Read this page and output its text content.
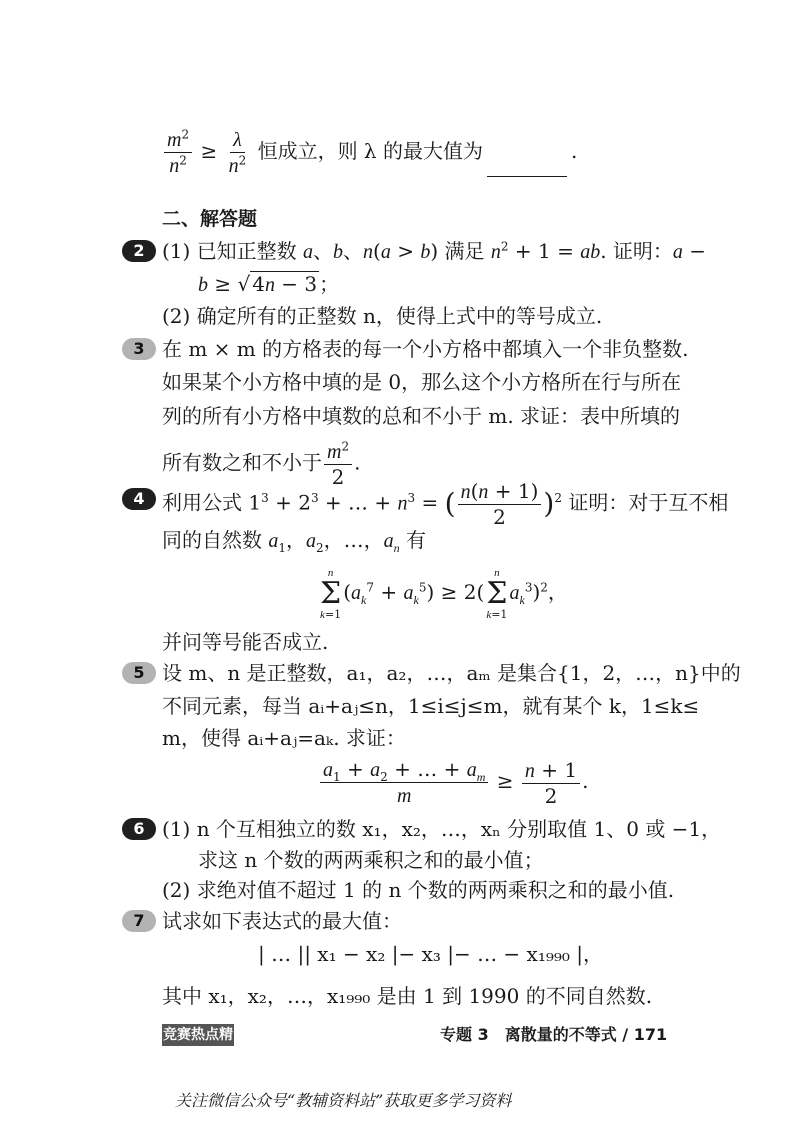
$\frac{m^2}{n^2} \ge \frac{\lambda}{n^2}$ 恒成立，则 λ 的最大值为	.
二、解答题
2 (1) 已知正整数 a、b、n(a > b) 满足 $n^2 + 1$ = ab. 证明：a −
b ≥ √ 4n − 3 ；
(2) 确定所有的正整数 n，使得上式中的等号成立.
3 在 m × m 的方格表的每一个小方格中都填入一个非负整数.
如果某个小方格中填的是 0，那么这个小方格所在行与所在
列的所有小方格中填数的总和不小于 m. 求证：表中所填的
所有数之和不小于 $\frac{m^2}{2}$ .
4 利用公式 $1^3 + 2^3$ + … + $n^3$ = ( $\frac{n(n + 1)}{2} )^2$ 证明：对于互不相
同的自然数 $a_1$，$a_2$，…，$a_n$ 有
n
Σ
k=1
$(a_k^7 + a_k^5) \ge 2$(
n
Σ
k=1
$a_k^3)^2$，
并问等号能否成立.
5 设 m、n 是正整数，a₁，a₂，…，aₘ 是集合{1，2，…，n}中的
不同元素，每当 aᵢ+aⱼ≤n，1≤i≤j≤m，就有某个 k，1≤k≤
m，使得 aᵢ+aⱼ=aₖ. 求证：
$\frac{a_1 + a_2 + \dots + a_m}{m} \ge \frac{n + 1}{2}$ .
6 (1) n 个互相独立的数 x₁，x₂，…，xₙ 分别取值 1、0 或 −1，
求这 n 个数的两两乘积之和的最小值；
(2) 求绝对值不超过 1 的 n 个数的两两乘积之和的最小值.
7 试求如下表达式的最大值：
| … || x₁ − x₂ |− x₃ |− … − x₁₉₉₀ |，
其中 x₁，x₂，…，x₁₉₉₀ 是由 1 到 1990 的不同自然数.
竞赛热点精讲
专题 3　离散量的不等式 / 171
关注微信公众号“教辅资料站”获取更多学习资料
